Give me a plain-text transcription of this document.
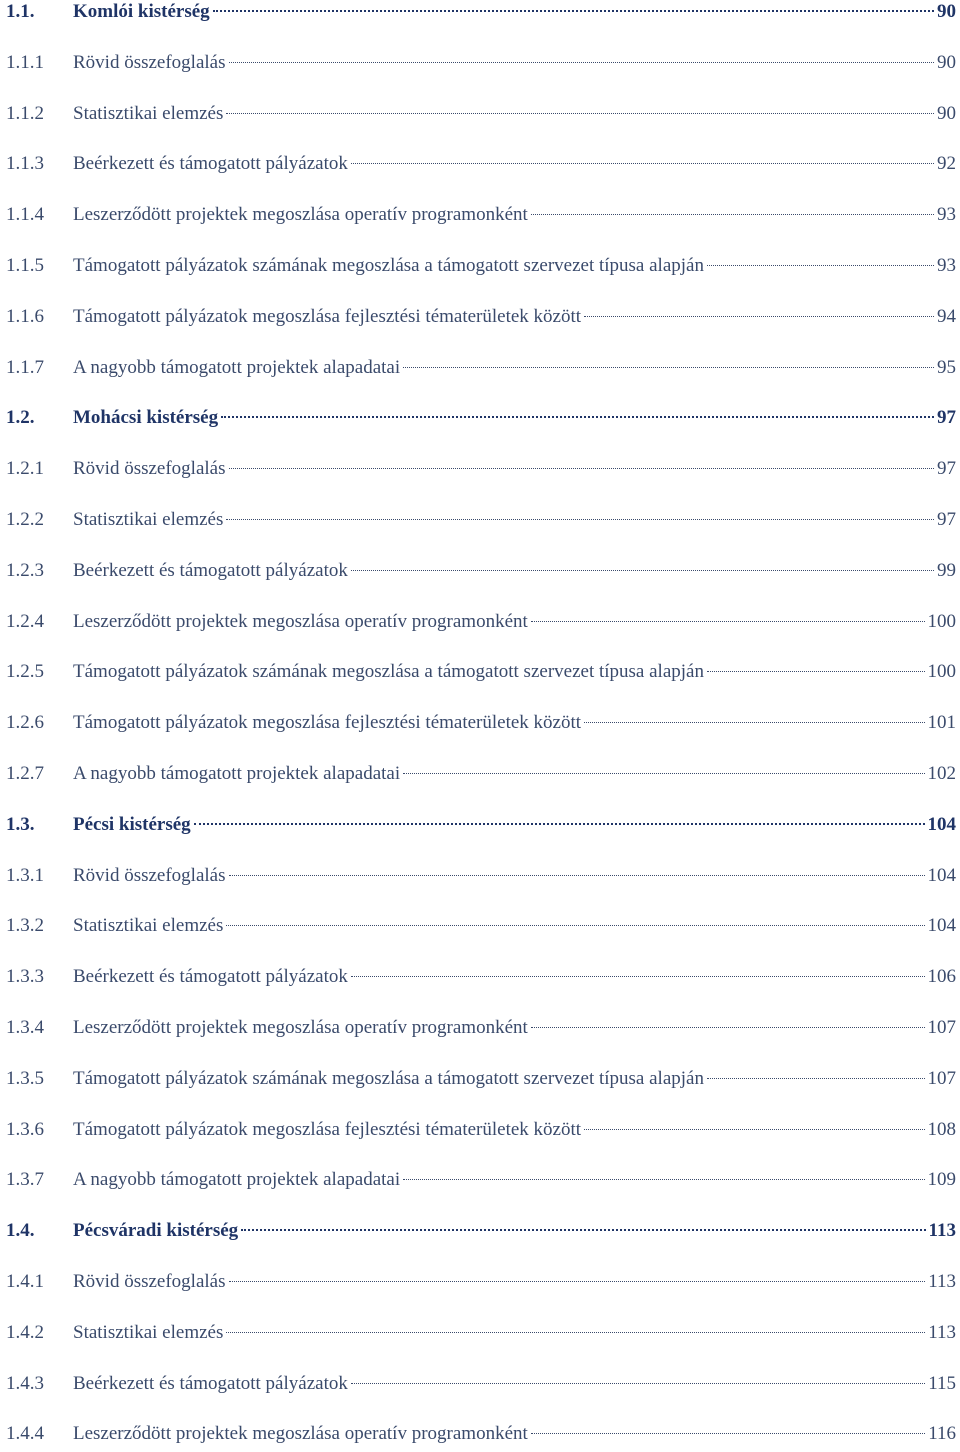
1.1.	Komlói kistérség	90
1.1.1	Rövid összefoglalás	90
1.1.2	Statisztikai elemzés	90
1.1.3	Beérkezett és támogatott pályázatok	92
1.1.4	Leszerződött projektek megoszlása operatív programonként	93
1.1.5	Támogatott pályázatok számának megoszlása a támogatott szervezet típusa alapján	93
1.1.6	Támogatott pályázatok megoszlása fejlesztési tématerületek között	94
1.1.7	A nagyobb támogatott projektek alapadatai	95
1.2.	Mohácsi kistérség	97
1.2.1	Rövid összefoglalás	97
1.2.2	Statisztikai elemzés	97
1.2.3	Beérkezett és támogatott pályázatok	99
1.2.4	Leszerződött projektek megoszlása operatív programonként	100
1.2.5	Támogatott pályázatok számának megoszlása a támogatott szervezet típusa alapján	100
1.2.6	Támogatott pályázatok megoszlása fejlesztési tématerületek között	101
1.2.7	A nagyobb támogatott projektek alapadatai	102
1.3.	Pécsi kistérség	104
1.3.1	Rövid összefoglalás	104
1.3.2	Statisztikai elemzés	104
1.3.3	Beérkezett és támogatott pályázatok	106
1.3.4	Leszerződött projektek megoszlása operatív programonként	107
1.3.5	Támogatott pályázatok számának megoszlása a támogatott szervezet típusa alapján	107
1.3.6	Támogatott pályázatok megoszlása fejlesztési tématerületek között	108
1.3.7	A nagyobb támogatott projektek alapadatai	109
1.4.	Pécsváradi kistérség	113
1.4.1	Rövid összefoglalás	113
1.4.2	Statisztikai elemzés	113
1.4.3	Beérkezett és támogatott pályázatok	115
1.4.4	Leszerződött projektek megoszlása operatív programonként	116
